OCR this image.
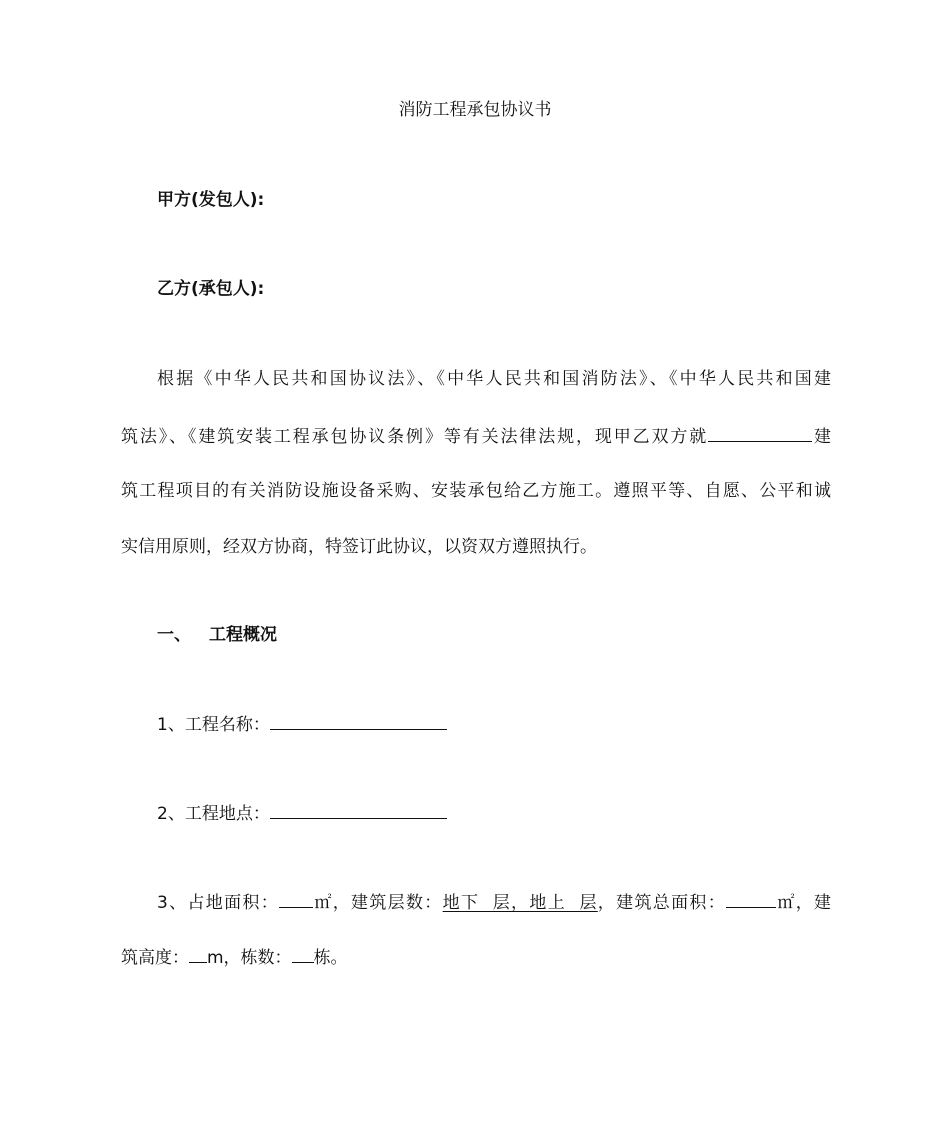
消防工程承包协议书
甲方(发包人):
乙方(承包人):
根据《中华人民共和国协议法》、《中华人民共和国消防法》、《中华人民共和国建
筑法》、《建筑安装工程承包协议条例》等有关法律法规，现甲乙双方就	建
筑工程项目的有关消防设施设备采购、安装承包给乙方施工。遵照平等、自愿、公平和诚
实信用原则，经双方协商，特签订此协议，以资双方遵照执行。
一、 工程概况
1、工程名称：
2、工程地点：
3、占地面积： ㎡，建筑层数：地下  层，地上  层，建筑总面积：	㎡，建
筑高度： m，栋数： 栋。
